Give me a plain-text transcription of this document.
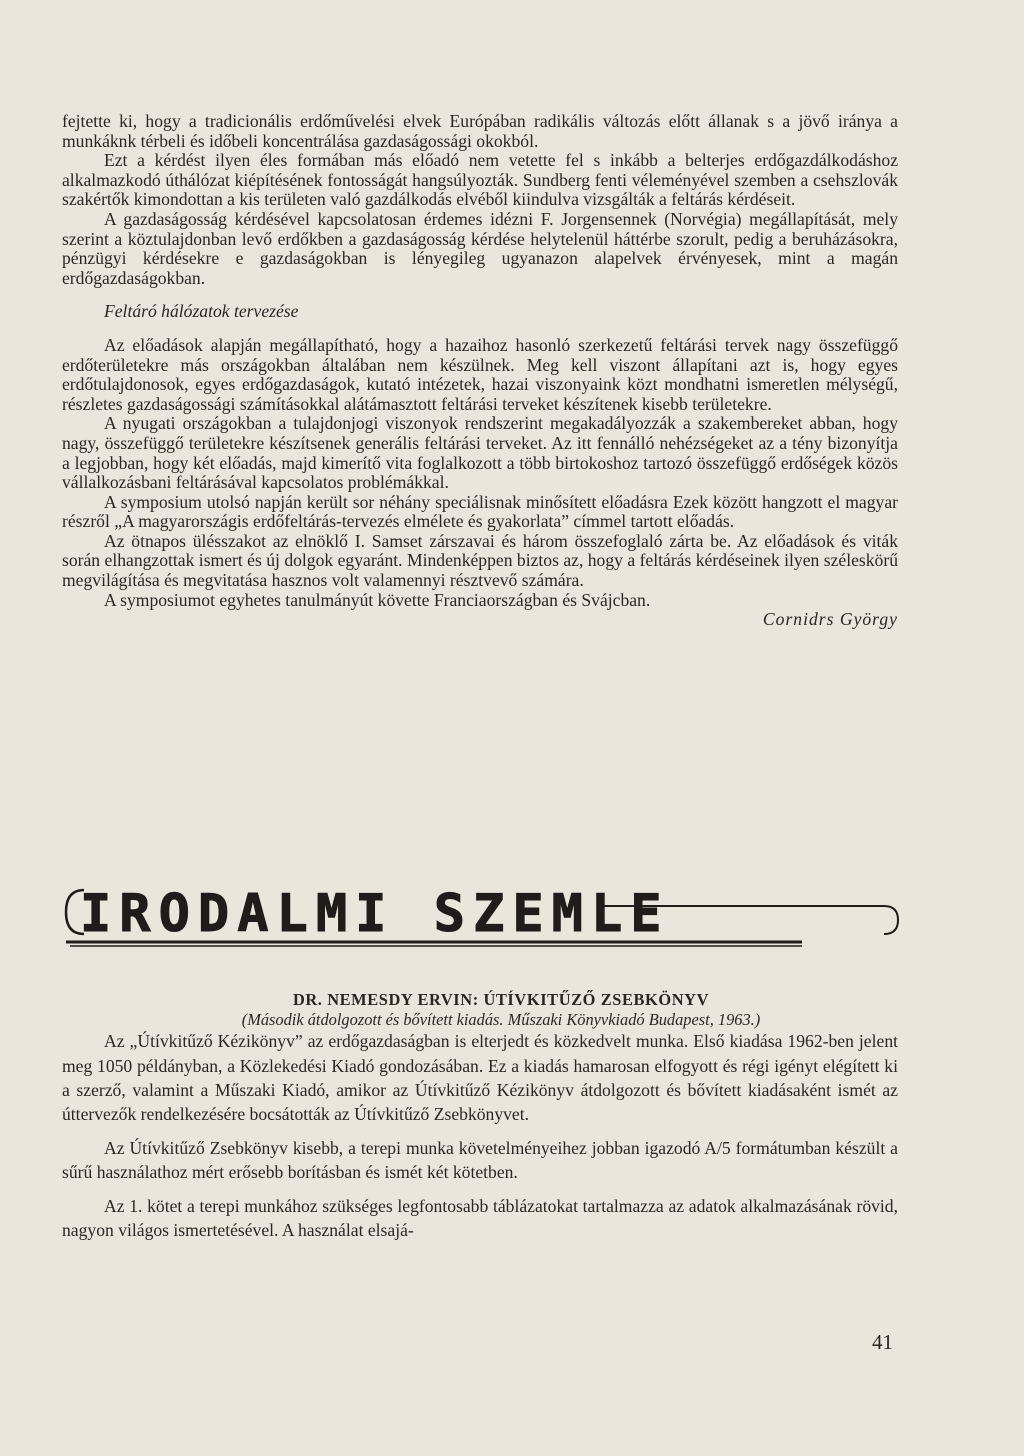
fejtette ki, hogy a tradicionális erdőművelési elvek Európában radikális változás előtt állanak s a jövő iránya a munkáknk térbeli és időbeli koncentrálása gazdaságossági okokból.

Ezt a kérdést ilyen éles formában más előadó nem vetette fel s inkább a belterjes erdőgazdálkodáshoz alkalmazkodó úthálózat kiépítésének fontosságát hangsúlyozták. Sundberg fenti véleményével szemben a csehszlovák szakértők kimondottan a kis területen való gazdálkodás elvéből kiindulva vizsgálták a feltárás kérdéseit.

A gazdaságosság kérdésével kapcsolatosan érdemes idézni F. Jorgensennek (Norvégia) megállapítását, mely szerint a köztulajdonban levő erdőkben a gazdaságosság kérdése helytelenül háttérbe szorult, pedig a beruházásokra, pénzügyi kérdésekre e gazdaságokban is lényegileg ugyanazon alapelvek érvényesek, mint a magán erdőgazdaságokban.

Feltáró hálózatok tervezése

Az előadások alapján megállapítható, hogy a hazaihoz hasonló szerkezetű feltárási tervek nagy összefüggő erdőterületekre más országokban általában nem készülnek. Meg kell viszont állapítani azt is, hogy egyes erdőtulajdonosok, egyes erdőgazdaságok, kutató intézetek, hazai viszonyaink közt mondhatni ismeretlen mélységű, részletes gazdaságossági számításokkal alátámasztott feltárási terveket készítenek kisebb területekre.

A nyugati országokban a tulajdonjogi viszonyok rendszerint megakadályozzák a szakembereket abban, hogy nagy, összefüggő területekre készítsenek generális feltárási terveket. Az itt fennálló nehézségeket az a tény bizonyítja a legjobban, hogy két előadás, majd kimerítő vita foglalkozott a több birtokoshoz tartozó összefüggő erdőségek közös vállalkozásbani feltárásával kapcsolatos problémákkal.

A symposium utolsó napján került sor néhány speciálisnak minősített előadásra Ezek között hangzott el magyar részről „A magyarországis erdőfeltárás-tervezés elmélete és gyakorlata” címmel tartott előadás.

Az ötnapos ülésszakot az elnöklő I. Samset zárszavai és három összefoglaló zárta be. Az előadások és viták során elhangzottak ismert és új dolgok egyaránt. Mindenképpen biztos az, hogy a feltárás kérdéseinek ilyen széleskörű megvilágítása és megvitatása hasznos volt valamennyi résztvevő számára.

A symposiumot egyhetes tanulmányút követte Franciaországban és Svájcban.

Cornidrs György

IRODALMI SZEMLE

DR. NEMESDY ERVIN: ÚTÍVKITŰZŐ ZSEBKÖNYV

(Második átdolgozott és bővített kiadás. Műszaki Könyvkiadó Budapest, 1963.)

Az „Útívkitűző Kézikönyv” az erdőgazdaságban is elterjedt és közkedvelt munka. Első kiadása 1962-ben jelent meg 1050 példányban, a Közlekedési Kiadó gondozásában. Ez a kiadás hamarosan elfogyott és régi igényt elégített ki a szerző, valamint a Műszaki Kiadó, amikor az Útívkitűző Kézikönyv átdolgozott és bővített kiadásaként ismét az úttervezők rendelkezésére bocsátották az Útívkitűző Zsebkönyvet.

Az Útívkitűző Zsebkönyv kisebb, a terepi munka követelményeihez jobban igazodó A/5 formátumban készült a sűrű használathoz mért erősebb borításban és ismét két kötetben.

Az 1. kötet a terepi munkához szükséges legfontosabb táblázatokat tartalmazza az adatok alkalmazásának rövid, nagyon világos ismertetésével. A használat elsajá-

41
